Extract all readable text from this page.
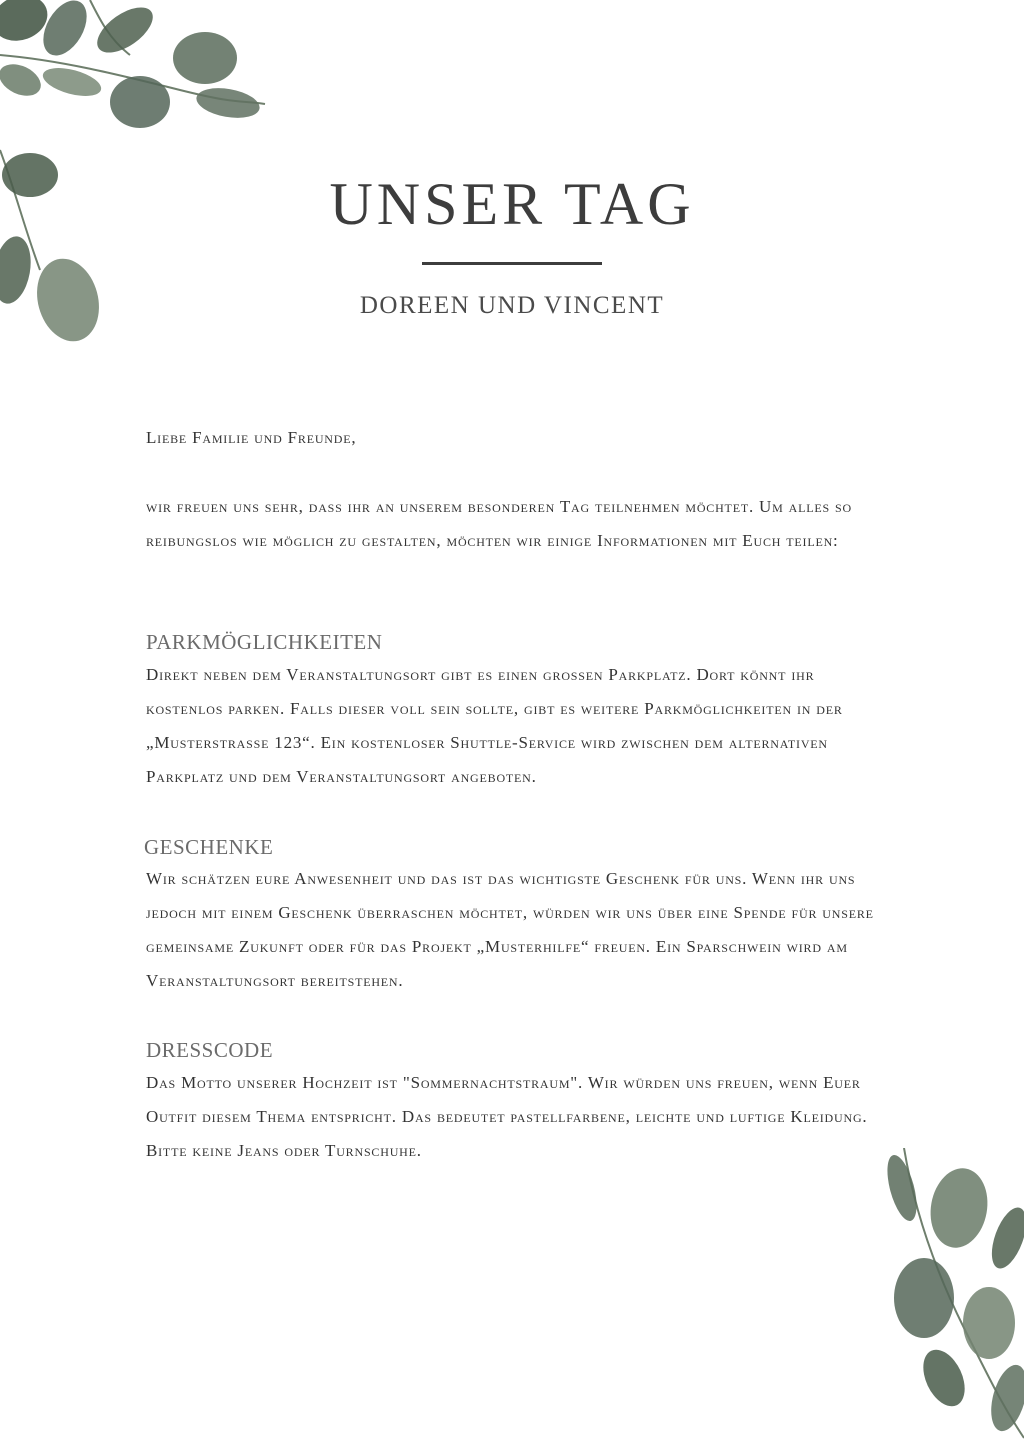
UNSER TAG
DOREEN UND VINCENT
Liebe Familie und Freunde,

wir freuen uns sehr, dass ihr an unserem besonderen Tag teilnehmen möchtet. Um alles so reibungslos wie möglich zu gestalten, möchten wir einige Informationen mit Euch teilen:

PARKMÖGLICHKEITEN

Direkt neben dem Veranstaltungsort gibt es einen grossen Parkplatz. Dort könnt ihr kostenlos parken. Falls dieser voll sein sollte, gibt es weitere Parkmöglichkeiten in der „Musterstrasse 123“. Ein kostenloser Shuttle-Service wird zwischen dem alternativen Parkplatz und dem Veranstaltungsort angeboten.

GESCHENKE

Wir schätzen eure Anwesenheit und das ist das wichtigste Geschenk für uns. Wenn ihr uns jedoch mit einem Geschenk überraschen möchtet, würden wir uns über eine Spende für unsere gemeinsame Zukunft oder für das Projekt „Musterhilfe“ freuen. Ein Sparschwein wird am Veranstaltungsort bereitstehen.

DRESSCODE

Das Motto unserer Hochzeit ist "Sommernachtstraum". Wir würden uns freuen, wenn Euer Outfit diesem Thema entspricht. Das bedeutet pastellfarbene, leichte und luftige Kleidung. Bitte keine Jeans oder Turnschuhe.
